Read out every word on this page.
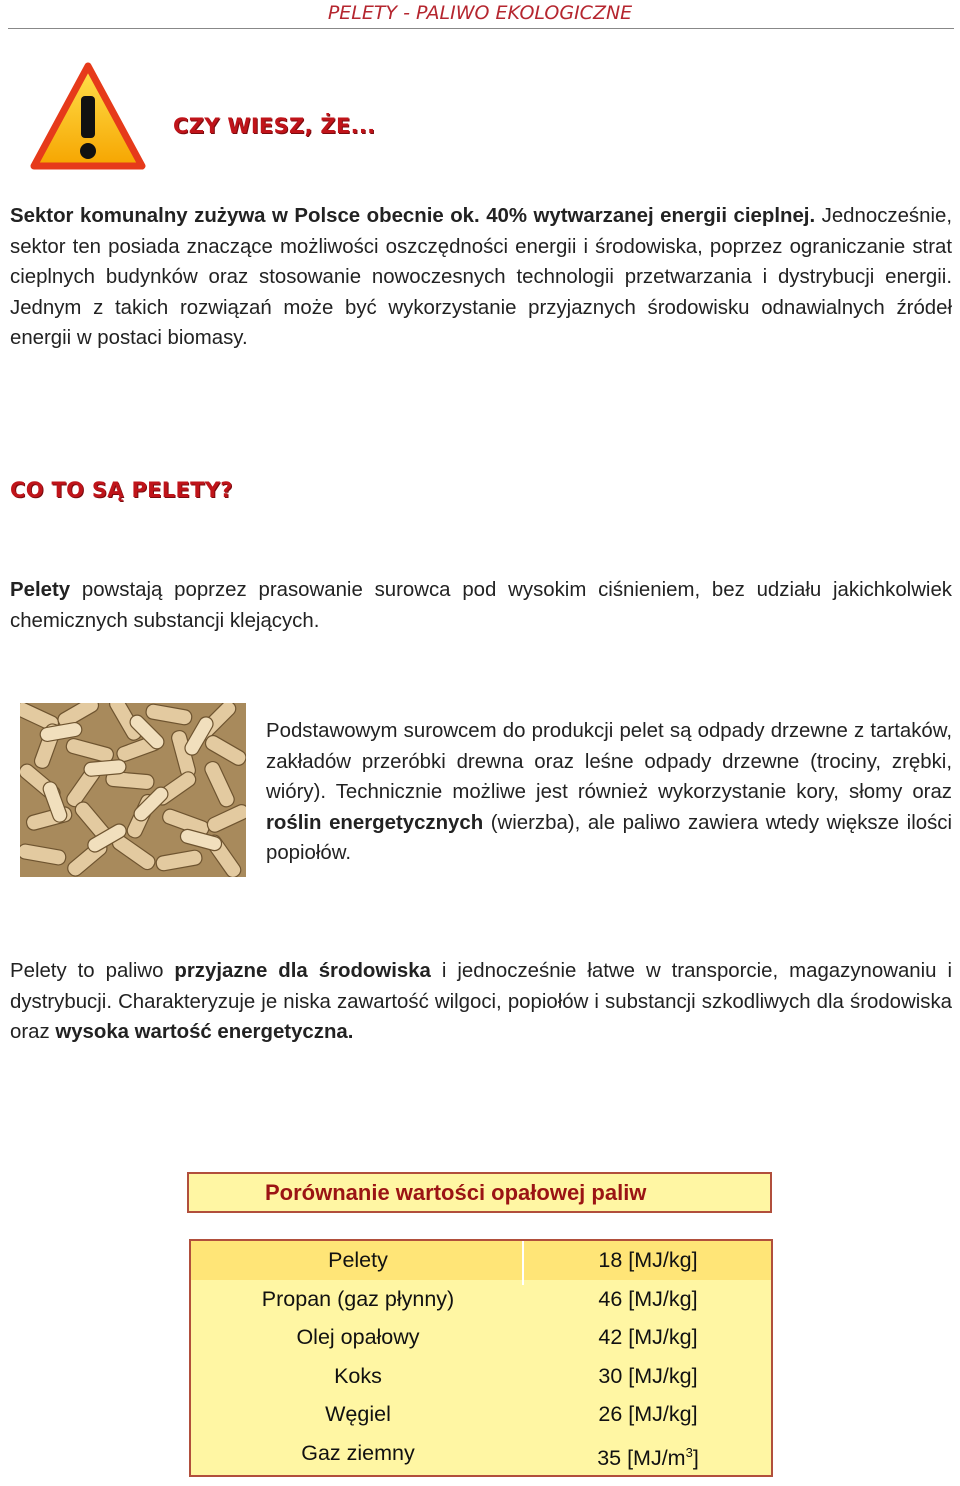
PELETY - PALIWO EKOLOGICZNE
CZY WIESZ, ŻE...
Sektor komunalny zużywa w Polsce obecnie ok. 40% wytwarzanej energii cieplnej. Jednocześnie, sektor ten posiada znaczące możliwości oszczędności energii i środowiska, poprzez ograniczanie strat cieplnych budynków oraz stosowanie nowoczesnych technologii przetwarzania i dystrybucji energii. Jednym z takich rozwiązań może być wykorzystanie przyjaznych środowisku odnawialnych źródeł energii w postaci biomasy.
CO TO SĄ PELETY?
Pelety powstają poprzez prasowanie surowca pod wysokim ciśnieniem, bez udziału jakichkolwiek chemicznych substancji klejących.
Podstawowym surowcem do produkcji pelet są odpady drzewne z tartaków, zakładów przeróbki drewna oraz leśne odpady drzewne (trociny, zrębki, wióry). Technicznie możliwe jest również wykorzystanie kory, słomy oraz roślin energetycznych (wierzba), ale paliwo zawiera wtedy większe ilości popiołów.
Pelety to paliwo przyjazne dla środowiska i jednocześnie łatwe w transporcie, magazynowaniu i dystrybucji. Charakteryzuje je niska zawartość wilgoci, popiołów i substancji szkodliwych dla środowiska oraz wysoka wartość energetyczna.
Porównanie wartości opałowej paliw
Pelety	18 [MJ/kg]
Propan (gaz płynny)	46 [MJ/kg]
Olej opałowy	42 [MJ/kg]
Koks	30 [MJ/kg]
Węgiel	26 [MJ/kg]
Gaz ziemny	35 $[MJ/m^3]$
